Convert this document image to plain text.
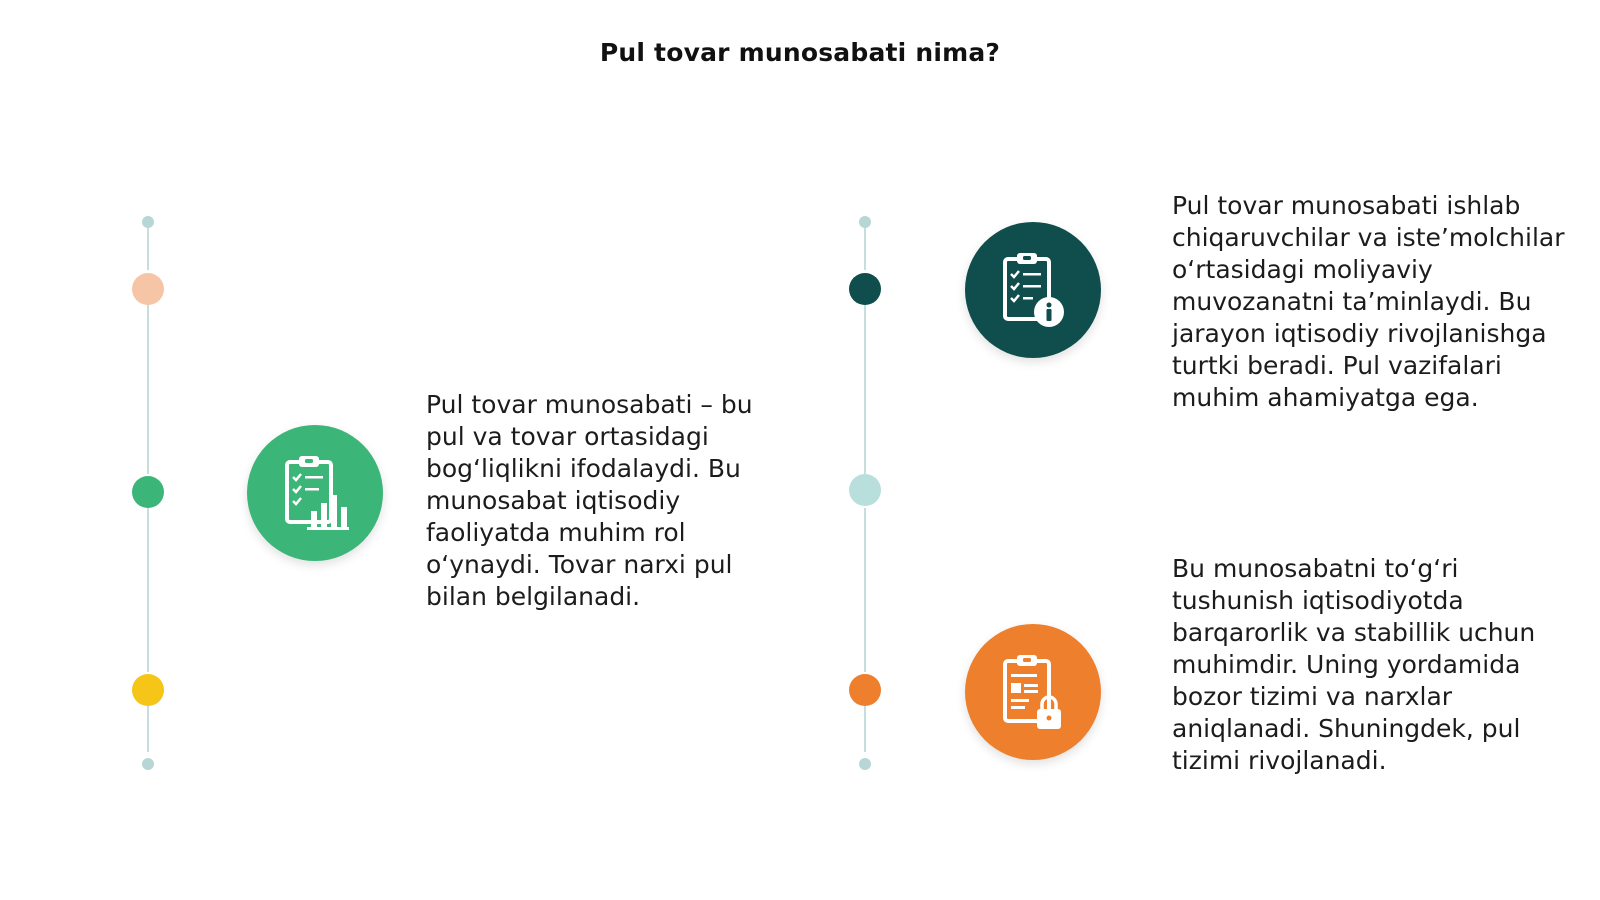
Pul tovar munosabati nima?
Pul tovar munosabati – bu pul va tovar ortasidagi bog‘liqlikni ifodalaydi. Bu munosabat iqtisodiy faoliyatda muhim rol o‘ynaydi. Tovar narxi pul bilan belgilanadi.
Pul tovar munosabati ishlab chiqaruvchilar va iste’molchilar o‘rtasidagi moliyaviy muvozanatni ta’minlaydi. Bu jarayon iqtisodiy rivojlanishga turtki beradi. Pul vazifalari muhim ahamiyatga ega.
Bu munosabatni to‘g‘ri tushunish iqtisodiyotda barqarorlik va stabillik uchun muhimdir. Uning yordamida bozor tizimi va narxlar aniqlanadi. Shuningdek, pul tizimi rivojlanadi.
